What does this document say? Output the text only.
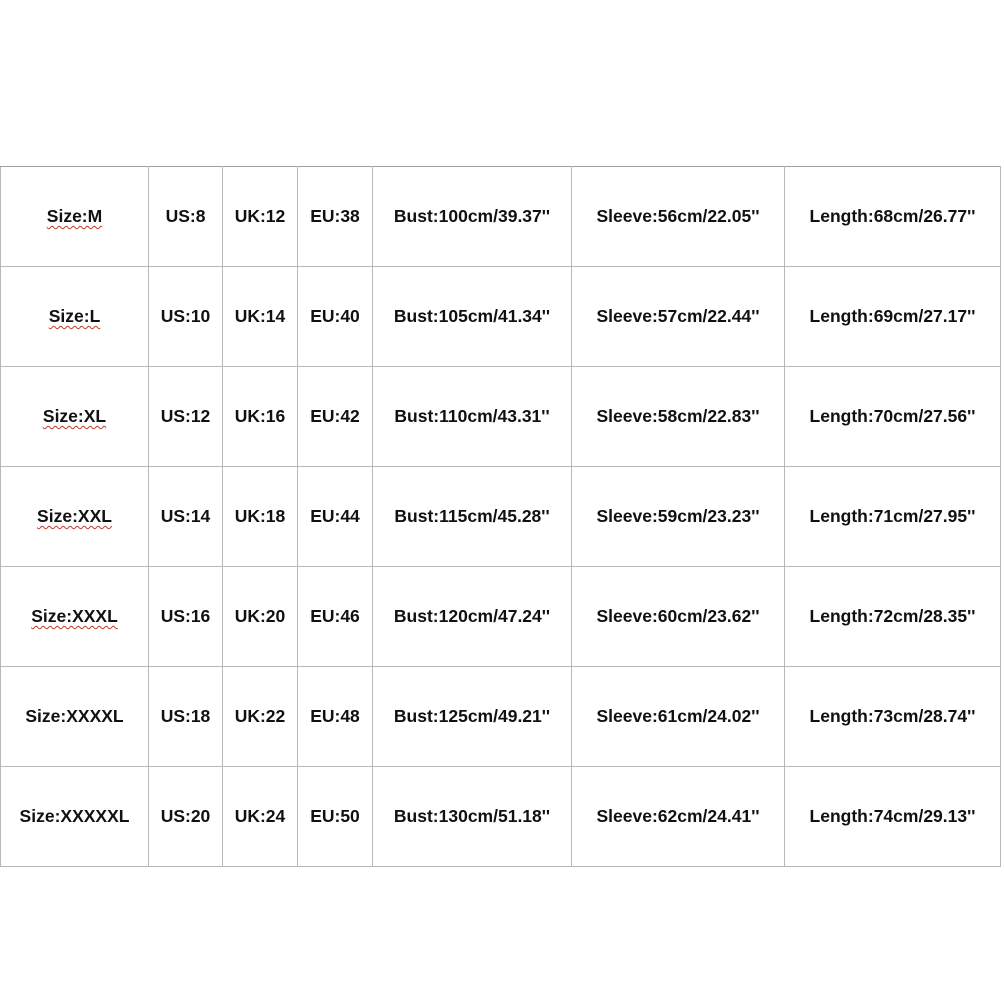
Size:M	US:8	UK:12	EU:38	Bust:100cm/39.37''	Sleeve:56cm/22.05''	Length:68cm/26.77''
Size:L	US:10	UK:14	EU:40	Bust:105cm/41.34''	Sleeve:57cm/22.44''	Length:69cm/27.17''
Size:XL	US:12	UK:16	EU:42	Bust:110cm/43.31''	Sleeve:58cm/22.83''	Length:70cm/27.56''
Size:XXL	US:14	UK:18	EU:44	Bust:115cm/45.28''	Sleeve:59cm/23.23''	Length:71cm/27.95''
Size:XXXL	US:16	UK:20	EU:46	Bust:120cm/47.24''	Sleeve:60cm/23.62''	Length:72cm/28.35''
Size:XXXXL	US:18	UK:22	EU:48	Bust:125cm/49.21''	Sleeve:61cm/24.02''	Length:73cm/28.74''
Size:XXXXXL	US:20	UK:24	EU:50	Bust:130cm/51.18''	Sleeve:62cm/24.41''	Length:74cm/29.13''
